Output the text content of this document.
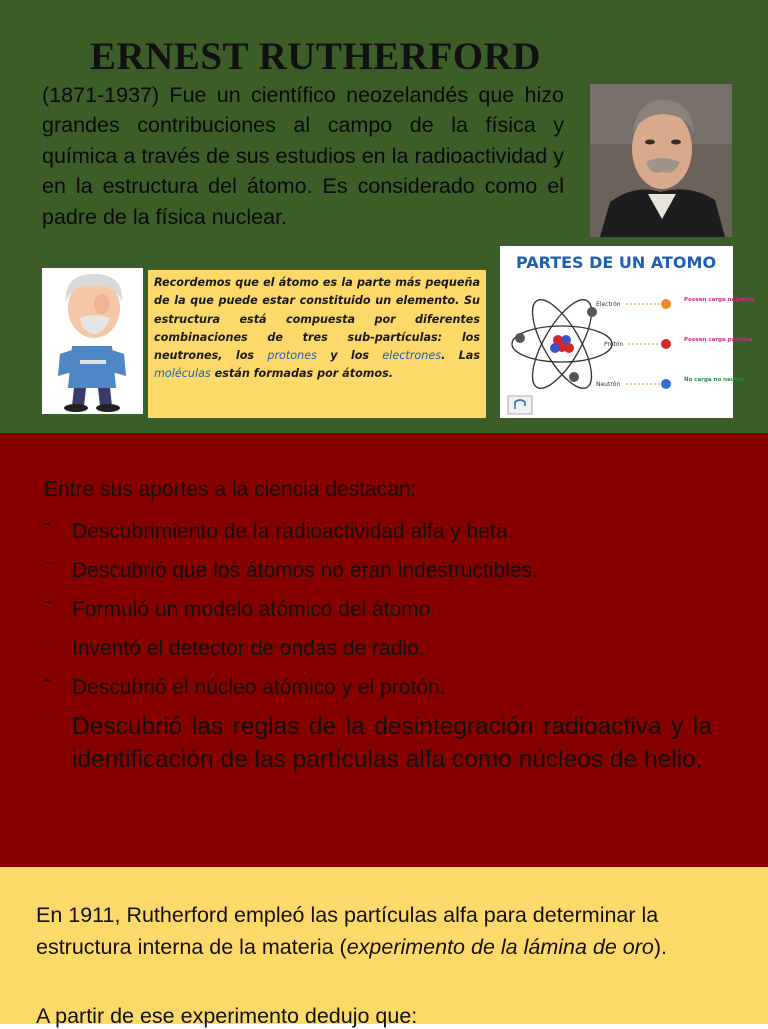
ERNEST RUTHERFORD

(1871-1937) Fue un científico neozelandés que hizo grandes contribuciones al campo de la física y química a través de sus estudios en la radioactividad y en la estructura del átomo. Es considerado como el padre de la física nuclear.

Recordemos que el átomo es la parte más pequeña de la que puede estar constituido un elemento. Su estructura está compuesta por diferentes combinaciones de tres sub-partículas: los neutrones, los protones y los electrones. Las moléculas están formadas por átomos.

PARTES DE UN ATOMO
Electrón
Protón
Neutrón
Poseen carga negativa
Poseen carga positiva
No carga no neutra

Entre sus aportes a la ciencia destacan:

- Descubrimiento de la radioactividad alfa y beta.
- Descubrió que los átomos no eran indestructibles.
- Formuló un modelo atómico del átomo.
- Inventó el detector de ondas de radio.
- Descubrió el núcleo atómico y el protón.
- Descubrió las reglas de la desintegración radioactiva y la identificación de las partículas alfa como núcleos de helio.

En 1911, Rutherford empleó las partículas alfa para determinar la estructura interna de la materia (experimento de la lámina de oro).

A partir de ese experimento dedujo que:
